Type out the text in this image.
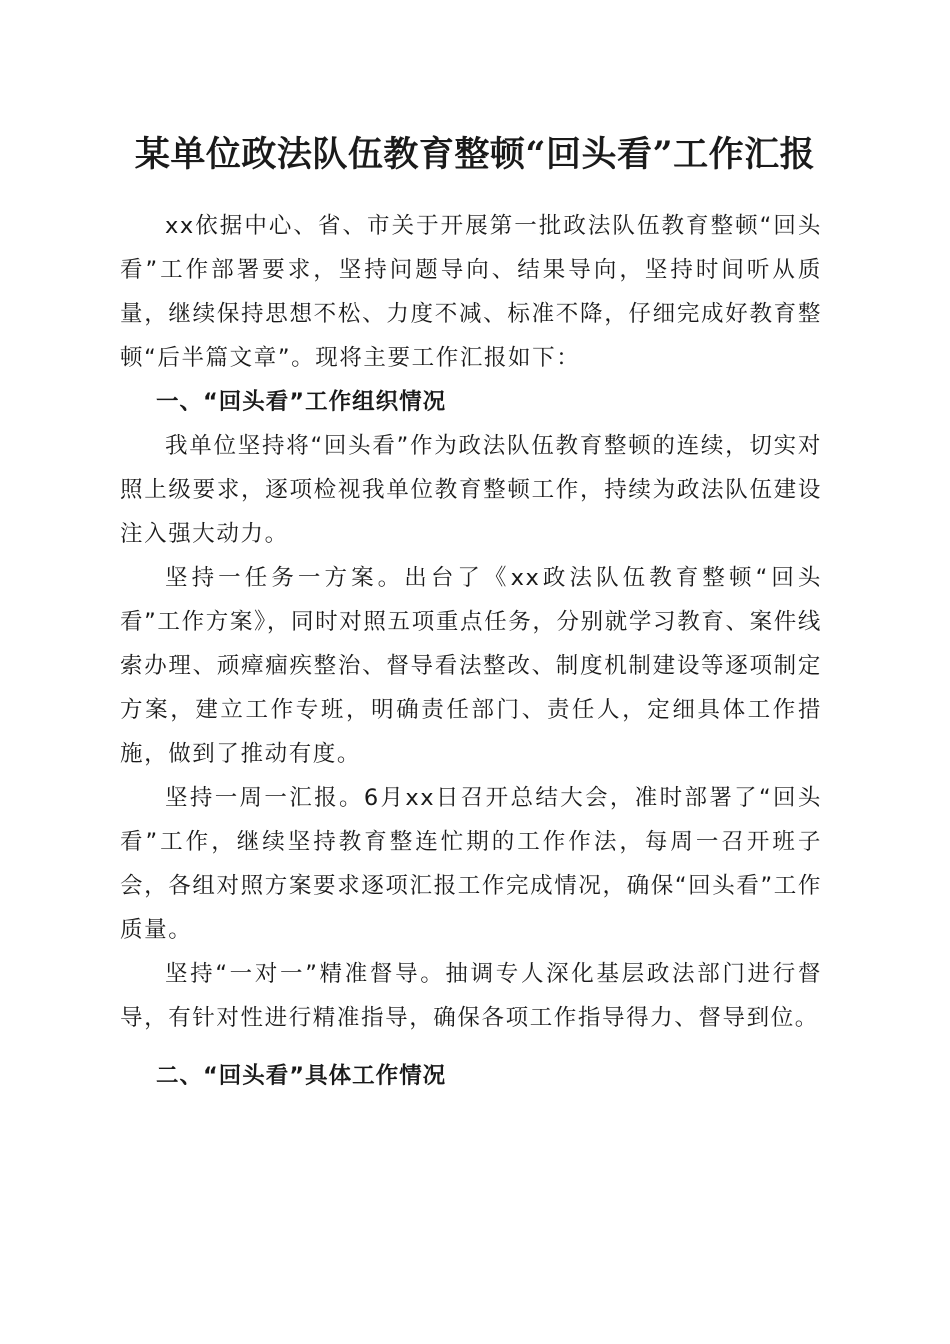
某单位政法队伍教育整顿“回头看”工作汇报

xx依据中心、省、市关于开展第一批政法队伍教育整顿“回头看”工作部署要求，坚持问题导向、结果导向，坚持时间听从质量，继续保持思想不松、力度不减、标准不降，仔细完成好教育整顿“后半篇文章”。现将主要工作汇报如下：

一、“回头看”工作组织情况

我单位坚持将“回头看”作为政法队伍教育整顿的连续，切实对照上级要求，逐项检视我单位教育整顿工作，持续为政法队伍建设注入强大动力。

坚持一任务一方案。出台了《xx政法队伍教育整顿“回头看”工作方案》，同时对照五项重点任务，分别就学习教育、案件线索办理、顽瘴痼疾整治、督导看法整改、制度机制建设等逐项制定方案，建立工作专班，明确责任部门、责任人，定细具体工作措施，做到了推动有度。

坚持一周一汇报。6月xx日召开总结大会，准时部署了“回头看”工作，继续坚持教育整连忙期的工作作法，每周一召开班子会，各组对照方案要求逐项汇报工作完成情况，确保“回头看”工作质量。

坚持“一对一”精准督导。抽调专人深化基层政法部门进行督导，有针对性进行精准指导，确保各项工作指导得力、督导到位。

二、“回头看”具体工作情况
